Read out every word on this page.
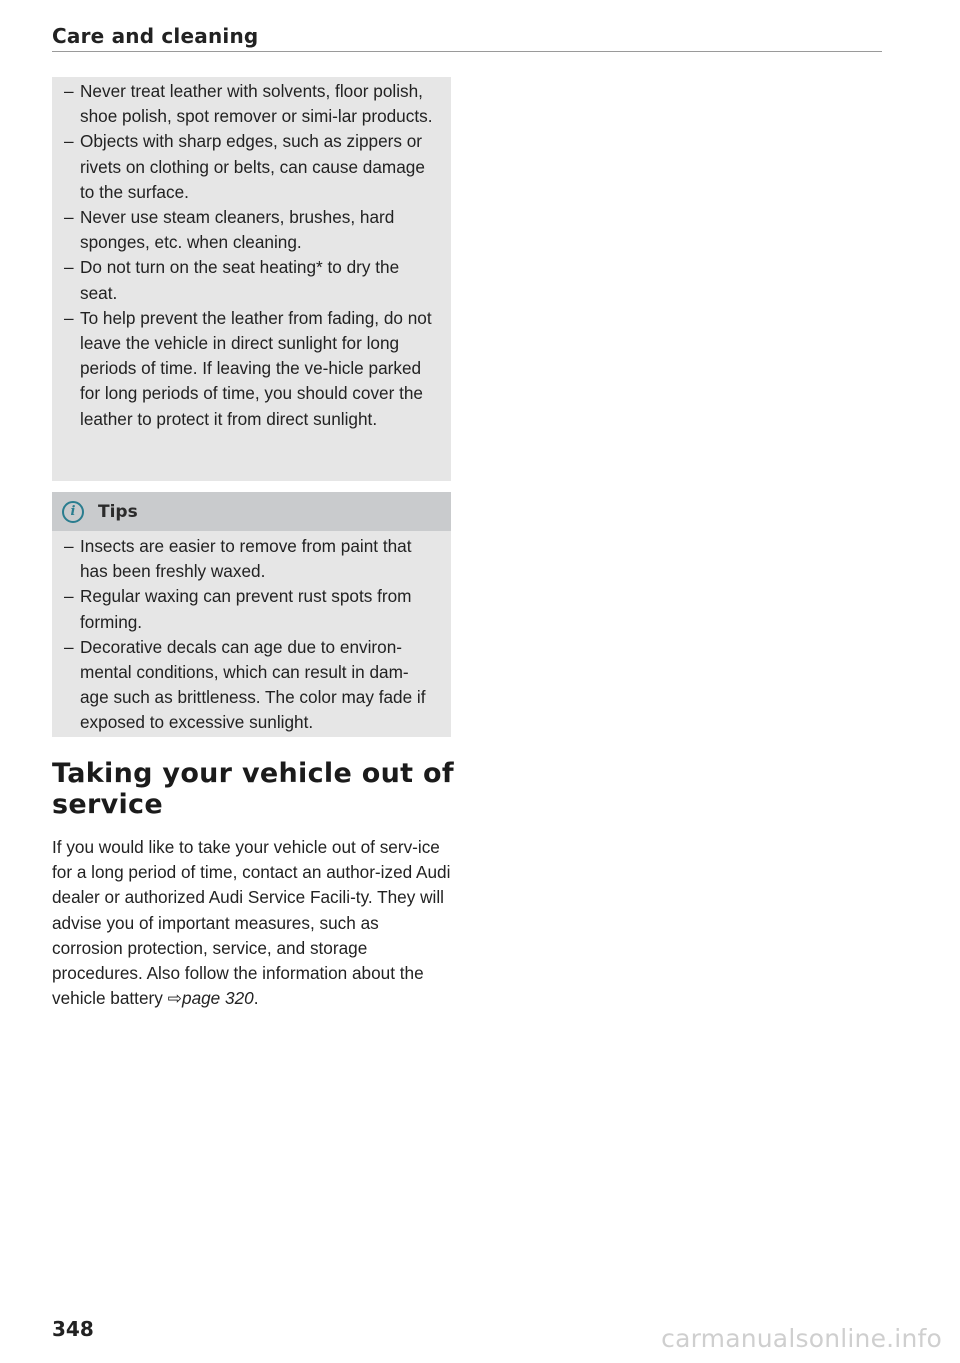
Care and cleaning
– Never treat leather with solvents, floor polish, shoe polish, spot remover or simi-lar products.
– Objects with sharp edges, such as zippers or rivets on clothing or belts, can cause damage to the surface.
– Never use steam cleaners, brushes, hard sponges, etc. when cleaning.
– Do not turn on the seat heating* to dry the seat.
– To help prevent the leather from fading, do not leave the vehicle in direct sunlight for long periods of time. If leaving the ve-hicle parked for long periods of time, you should cover the leather to protect it from direct sunlight.
i	Tips
– Insects are easier to remove from paint that has been freshly waxed.
– Regular waxing can prevent rust spots from forming.
– Decorative decals can age due to environ-mental conditions, which can result in dam-age such as brittleness. The color may fade if exposed to excessive sunlight.
Taking your vehicle out of service

If you would like to take your vehicle out of serv-ice for a long period of time, contact an author-ized Audi dealer or authorized Audi Service Facili-ty. They will advise you of important measures, such as corrosion protection, service, and storage procedures. Also follow the information about the vehicle battery ⇨page 320.

348	carmanualsonline.info
